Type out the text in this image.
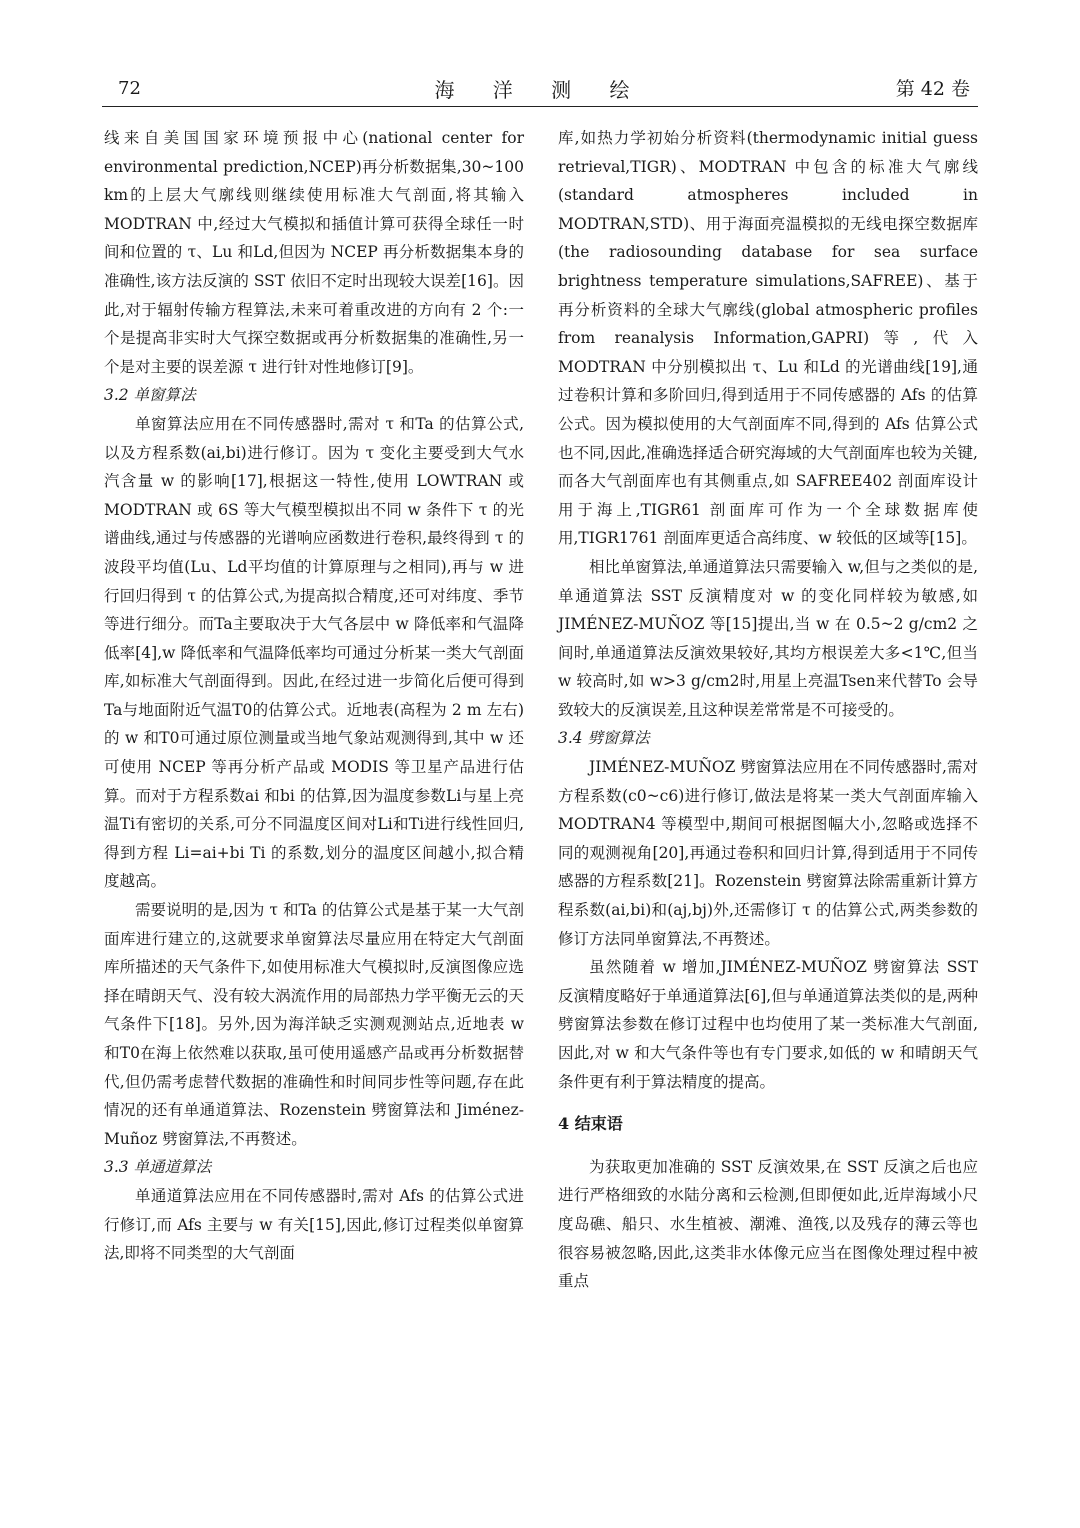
72	海 洋 测 绘	第 42 卷

线来自美国国家环境预报中心(national center for environmental prediction,NCEP)再分析数据集,30~100 km的上层大气廓线则继续使用标准大气剖面,将其输入 MODTRAN 中,经过大气模拟和插值计算可获得全球任一时间和位置的 τ、Lu 和Ld,但因为 NCEP 再分析数据集本身的准确性,该方法反演的 SST 依旧不定时出现较大误差[16]。因此,对于辐射传输方程算法,未来可着重改进的方向有 2 个:一个是提高非实时大气探空数据或再分析数据集的准确性,另一个是对主要的误差源 τ 进行针对性地修订[9]。

3.2 单窗算法

单窗算法应用在不同传感器时,需对 τ 和Ta 的估算公式,以及方程系数(ai,bi)进行修订。因为 τ 变化主要受到大气水汽含量 w 的影响[17],根据这一特性,使用 LOWTRAN 或 MODTRAN 或 6S 等大气模型模拟出不同 w 条件下 τ 的光谱曲线,通过与传感器的光谱响应函数进行卷积,最终得到 τ 的波段平均值(Lu、Ld平均值的计算原理与之相同),再与 w 进行回归得到 τ 的估算公式,为提高拟合精度,还可对纬度、季节等进行细分。而Ta主要取决于大气各层中 w 降低率和气温降低率[4],w 降低率和气温降低率均可通过分析某一类大气剖面库,如标准大气剖面得到。因此,在经过进一步简化后便可得到Ta与地面附近气温T0的估算公式。近地表(高程为 2 m 左右)的 w 和T0可通过原位测量或当地气象站观测得到,其中 w 还可使用 NCEP 等再分析产品或 MODIS 等卫星产品进行估算。而对于方程系数ai 和bi 的估算,因为温度参数Li与星上亮温Ti有密切的关系,可分不同温度区间对Li和Ti进行线性回归,得到方程 Li=ai+bi Ti 的系数,划分的温度区间越小,拟合精度越高。

需要说明的是,因为 τ 和Ta 的估算公式是基于某一大气剖面库进行建立的,这就要求单窗算法尽量应用在特定大气剖面库所描述的天气条件下,如使用标准大气模拟时,反演图像应选择在晴朗天气、没有较大涡流作用的局部热力学平衡无云的天气条件下[18]。另外,因为海洋缺乏实测观测站点,近地表 w 和T0在海上依然难以获取,虽可使用遥感产品或再分析数据替代,但仍需考虑替代数据的准确性和时间同步性等问题,存在此情况的还有单通道算法、Rozenstein 劈窗算法和 Jiménez-Muñoz 劈窗算法,不再赘述。

3.3 单通道算法

单通道算法应用在不同传感器时,需对 Afs 的估算公式进行修订,而 Afs 主要与 w 有关[15],因此,修订过程类似单窗算法,即将不同类型的大气剖面

库,如热力学初始分析资料(thermodynamic initial guess retrieval,TIGR)、MODTRAN 中包含的标准大气廓线(standard atmospheres included in MODTRAN,STD)、用于海面亮温模拟的无线电探空数据库(the radiosounding database for sea surface brightness temperature simulations,SAFREE)、基于再分析资料的全球大气廓线(global atmospheric profiles from reanalysis Information,GAPRI)等,代入 MODTRAN 中分别模拟出 τ、Lu 和Ld 的光谱曲线[19],通过卷积计算和多阶回归,得到适用于不同传感器的 Afs 的估算公式。因为模拟使用的大气剖面库不同,得到的 Afs 估算公式也不同,因此,准确选择适合研究海域的大气剖面库也较为关键,而各大气剖面库也有其侧重点,如 SAFREE402 剖面库设计用于海上,TIGR61 剖面库可作为一个全球数据库使用,TIGR1761 剖面库更适合高纬度、w 较低的区域等[15]。

相比单窗算法,单通道算法只需要输入 w,但与之类似的是,单通道算法 SST 反演精度对 w 的变化同样较为敏感,如 JIMÉNEZ-MUÑOZ 等[15]提出,当 w 在 0.5~2 g/cm2 之间时,单通道算法反演效果较好,其均方根误差大多<1℃,但当 w 较高时,如 w>3 g/cm2时,用星上亮温Tsen来代替To 会导致较大的反演误差,且这种误差常常是不可接受的。

3.4 劈窗算法

JIMÉNEZ-MUÑOZ 劈窗算法应用在不同传感器时,需对方程系数(c0~c6)进行修订,做法是将某一类大气剖面库输入 MODTRAN4 等模型中,期间可根据图幅大小,忽略或选择不同的观测视角[20],再通过卷积和回归计算,得到适用于不同传感器的方程系数[21]。Rozenstein 劈窗算法除需重新计算方程系数(ai,bi)和(aj,bj)外,还需修订 τ 的估算公式,两类参数的修订方法同单窗算法,不再赘述。

虽然随着 w 增加,JIMÉNEZ-MUÑOZ 劈窗算法 SST 反演精度略好于单通道算法[6],但与单通道算法类似的是,两种劈窗算法参数在修订过程中也均使用了某一类标准大气剖面,因此,对 w 和大气条件等也有专门要求,如低的 w 和晴朗天气条件更有利于算法精度的提高。

4 结束语

为获取更加准确的 SST 反演效果,在 SST 反演之后也应进行严格细致的水陆分离和云检测,但即便如此,近岸海域小尺度岛礁、船只、水生植被、潮滩、渔筏,以及残存的薄云等也很容易被忽略,因此,这类非水体像元应当在图像处理过程中被重点
